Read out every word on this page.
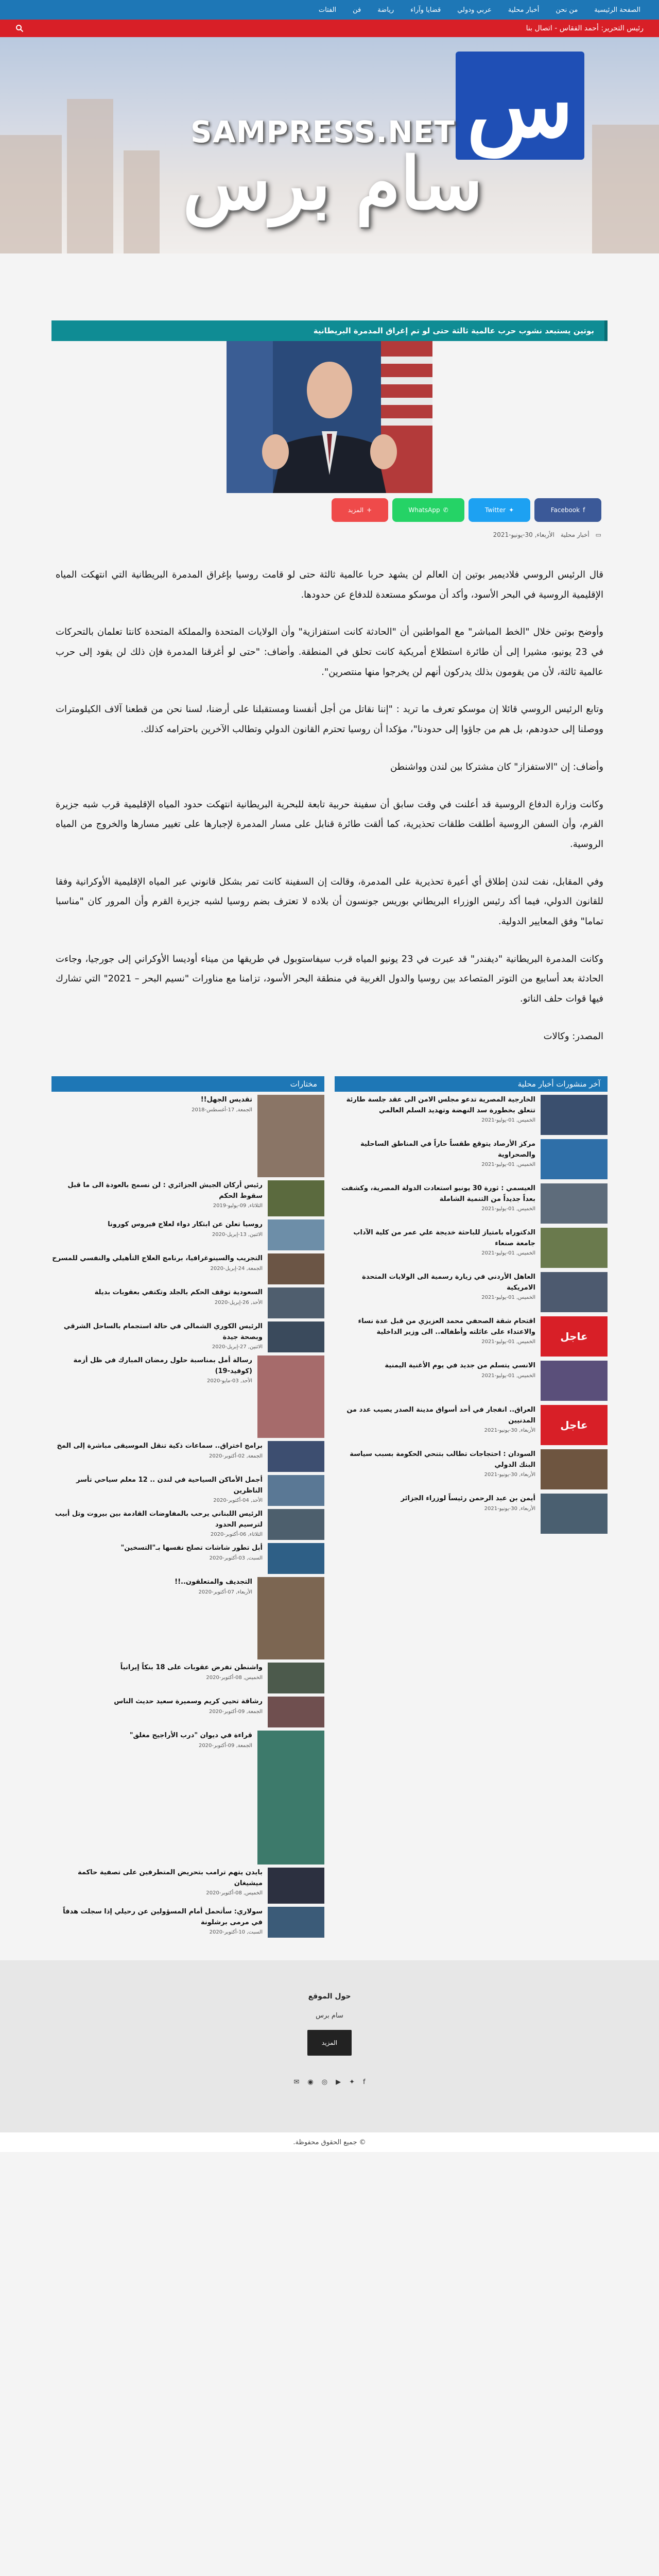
الصفحة الرئيسية
من نحن
أخبار محلية
عربي ودولي
قضايا وآراء
رياضة
فن
الفتات
رئيس التحرير: أحمد الفقاس - اتصال بنا
س
SAMPRESS.NET
سام برس
بوتين يستبعد نشوب حرب عالمية ثالثة حتى لو تم إغراق المدمرة البريطانية
f
Facebook
✦
Twitter
✆
WhatsApp
+
المزيد
▭
أخبار محلية
الأربعاء, 30-يونيو-2021

قال الرئيس الروسي فلاديمير بوتين إن العالم لن يشهد حربا عالمية ثالثة حتى لو قامت روسيا بإغراق المدمرة البريطانية التي انتهكت المياه الإقليمية الروسية في البحر الأسود، وأكد أن موسكو مستعدة للدفاع عن حدودها.

وأوضح بوتين خلال "الخط المباشر" مع المواطنين أن "الحادثة كانت استفزازية" وأن الولايات المتحدة والمملكة المتحدة كانتا تعلمان بالتحركات في 23 يونيو، مشيرا إلى أن طائرة استطلاع أمريكية كانت تحلق في المنطقة. وأضاف: "حتى لو أغرقنا المدمرة فإن ذلك لن يقود إلى حرب عالمية ثالثة، لأن من يقومون بذلك يدركون أنهم لن يخرجوا منها منتصرين".

وتابع الرئيس الروسي قائلا إن موسكو تعرف ما تريد : "إننا نقاتل من أجل أنفسنا ومستقبلنا على أرضنا، لسنا نحن من قطعنا آلاف الكيلومترات ووصلنا إلى حدودهم، بل هم من جاؤوا إلى حدودنا"، مؤكدا أن روسيا تحترم القانون الدولي وتطالب الآخرين باحترامه كذلك.

وأضاف: إن "الاستفزاز" كان مشتركا بين لندن وواشنطن

وكانت وزارة الدفاع الروسية قد أعلنت في وقت سابق أن سفينة حربية تابعة للبحرية البريطانية انتهكت حدود المياه الإقليمية قرب شبه جزيرة القرم، وأن السفن الروسية أطلقت طلقات تحذيرية، كما ألقت طائرة قنابل على مسار المدمرة لإجبارها على تغيير مسارها والخروج من المياه الروسية.

وفي المقابل، نفت لندن إطلاق أي أعيرة تحذيرية على المدمرة، وقالت إن السفينة كانت تمر بشكل قانوني عبر المياه الإقليمية الأوكرانية وفقا للقانون الدولي، فيما أكد رئيس الوزراء البريطاني بوريس جونسون أن بلاده لا تعترف بضم روسيا لشبه جزيرة القرم وأن المرور كان "مناسبا تماما" وفق المعايير الدولية.

وكانت المدمرة البريطانية "ديفندر" قد عبرت في 23 يونيو المياه قرب سيفاستوبول في طريقها من ميناء أوديسا الأوكراني إلى جورجيا، وجاءت الحادثة بعد أسابيع من التوتر المتصاعد بين روسيا والدول الغربية في منطقة البحر الأسود، تزامنا مع مناورات "نسيم البحر – 2021" التي تشارك فيها قوات حلف الناتو.

المصدر: وكالات

آخر منشورات أخبار محلية
الخارجية المصرية تدعو مجلس الامن الى عقد جلسة طارئة تتعلق بخطورة سد النهضة وتهديد السلم العالمي
الخميس, 01-يوليو-2021
مركز الأرصاد يتوقع طقساً حاراً في المناطق الساحلية والصحراوية
الخميس, 01-يوليو-2021
العيسمي : ثورة 30 يونيو استعادت الدولة المصرية، وكشفت بعداً جديداً من التنمية الشاملة
الخميس, 01-يوليو-2021
الدكتوراه بامتياز للباحثة خديجة علي عمر من كلية الآداب جامعة صنعاء
الخميس, 01-يوليو-2021
العاهل الأردني في زيارة رسمية الى الولايات المتحدة الامريكية
الخميس, 01-يوليو-2021
عاجل
اقتحام شقة الصحفي محمد العزيزي من قبل عدة نساء والاعتداء على عائلته وأطفاله.. الى وزير الداخلية
الخميس, 01-يوليو-2021
الانسي يتسلم من جديد في يوم الأغنية اليمنية
الخميس, 01-يوليو-2021
عاجل
العراق.. انفجار في أحد أسواق مدينة الصدر يصيب عدد من المدنيين
الأربعاء, 30-يونيو-2021
السودان : احتجاجات تطالب بتنحي الحكومة بسبب سياسة البنك الدولي
الأربعاء, 30-يونيو-2021
أيمن بن عبد الرحمن رئيساً لوزراء الجزائر
الأربعاء, 30-يونيو-2021
مختارات
تقديس الجهل!!
الجمعة, 17-أغسطس-2018
رئيس أركان الجيش الجزائري : لن نسمح بالعودة الى ما قبل سقوط الحكم
الثلاثاء, 09-يوليو-2019
روسيا تعلن عن ابتكار دواء لعلاج فيروس كورونا
الاثنين, 13-إبريل-2020
التجريب والسينوغرافيا، برنامج العلاج التأهيلي والنفسي للمسرح
الجمعة, 24-إبريل-2020
السعودية توقف الحكم بالجلد وتكتفي بعقوبات بديلة
الأحد, 26-إبريل-2020
الرئيس الكوري الشمالي في حالة استجمام بالساحل الشرقي وبصحة جيدة
الاثنين, 27-إبريل-2020
رسالة أمل بمناسبة حلول رمضان المبارك في ظل أزمة (كوفيد-19)
الأحد, 03-مايو-2020
برامج اختراق.. سماعات ذكية تنقل الموسيقى مباشرة إلى المخ
الجمعة, 02-أكتوبر-2020
أجمل الأماكن السياحية في لندن .. 12 معلم سياحي تأسر الناظرين
الأحد, 04-أكتوبر-2020
الرئيس اللبناني يرحب بالمفاوضات القادمة بين بيروت وتل أبيب لترسيم الحدود
الثلاثاء, 06-أكتوبر-2020
أبل تطور شاشات تصلح نفسها بـ"التسخين"
السبت, 03-أكتوبر-2020
التجديف والمتعلقون..!!
الأربعاء, 07-أكتوبر-2020
واشنطن تفرض عقوبات على 18 بنكاً إيرانياً
الخميس, 08-أكتوبر-2020
رشاقة تحيي كريم وسميرة سعيد حديث الناس
الجمعة, 09-أكتوبر-2020
قراءة في ديوان "درب الأراجيح مغلق"
الجمعة, 09-أكتوبر-2020
بايدن يتهم ترامب بتحريض المتطرفين على تصفية حاكمة ميشيغان
الخميس, 08-أكتوبر-2020
سولاري: سأتحمل أمام المسؤولين عن رحيلي إذا سجلت هدفاً في مرمى برشلونة
السبت, 10-أكتوبر-2020
حول الموقع
سام برس
المزيد
f
✦
▶
◎
◉
✉
© جميع الحقوق محفوظة.
